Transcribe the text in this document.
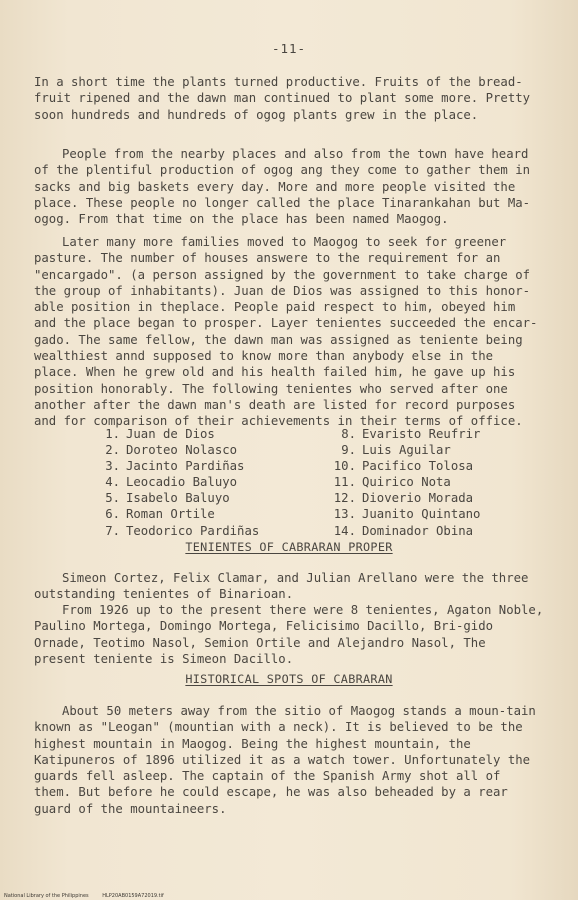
-11-

In a short time the plants turned productive. Fruits of the bread-fruit ripened and the dawn man continued to plant some more. Pretty soon hundreds and hundreds of ogog plants grew in the place.

People from the nearby places and also from the town have heard of the plentiful production of ogog ang they come to gather them in sacks and big baskets every day. More and more people visited the place. These people no longer called the place Tinarankahan but Ma-ogog. From that time on the place has been named Maogog.

Later many more families moved to Maogog to seek for greener pasture. The number of houses answere to the requirement for an "encargado". (a person assigned by the government to take charge of the group of inhabitants). Juan de Dios was assigned to this honor-able position in theplace. People paid respect to him, obeyed him and the place began to prosper. Layer tenientes succeeded the encar-gado. The same fellow, the dawn man was assigned as teniente being wealthiest annd supposed to know more than anybody else in the place. When he grew old and his health failed him, he gave up his position honorably. The following tenientes who served after one another after the dawn man's death are listed for record purposes and for comparison of their achievements in their terms of office.

1. Juan de Dios
2. Doroteo Nolasco
3. Jacinto Pardiñas
4. Leocadio Baluyo
5. Isabelo Baluyo
6. Roman Ortile
7. Teodorico Pardiñas
8. Evaristo Reufrir
9. Luis Aguilar
10. Pacifico Tolosa
11. Quirico Nota
12. Dioverio Morada
13. Juanito Quintano
14. Dominador Obina
TENIENTES OF CABRARAN PROPER

Simeon Cortez, Felix Clamar, and Julian Arellano were the three outstanding tenientes of Binarioan.

From 1926 up to the present there were 8 tenientes, Agaton Noble, Paulino Mortega, Domingo Mortega, Felicisimo Dacillo, Bri-gido Ornade, Teotimo Nasol, Semion Ortile and Alejandro Nasol, The present teniente is Simeon Dacillo.

HISTORICAL SPOTS OF CABRARAN

About 50 meters away from the sitio of Maogog stands a moun-tain known as "Leogan" (mountian with a neck). It is believed to be the highest mountain in Maogog. Being the highest mountain, the Katipuneros of 1896 utilized it as a watch tower. Unfortunately the guards fell asleep. The captain of the Spanish Army shot all of them. But before he could escape, he was also beheaded by a rear guard of the mountaineers.

National Library of the Philippines	HLP20AB0159A72019.tif
